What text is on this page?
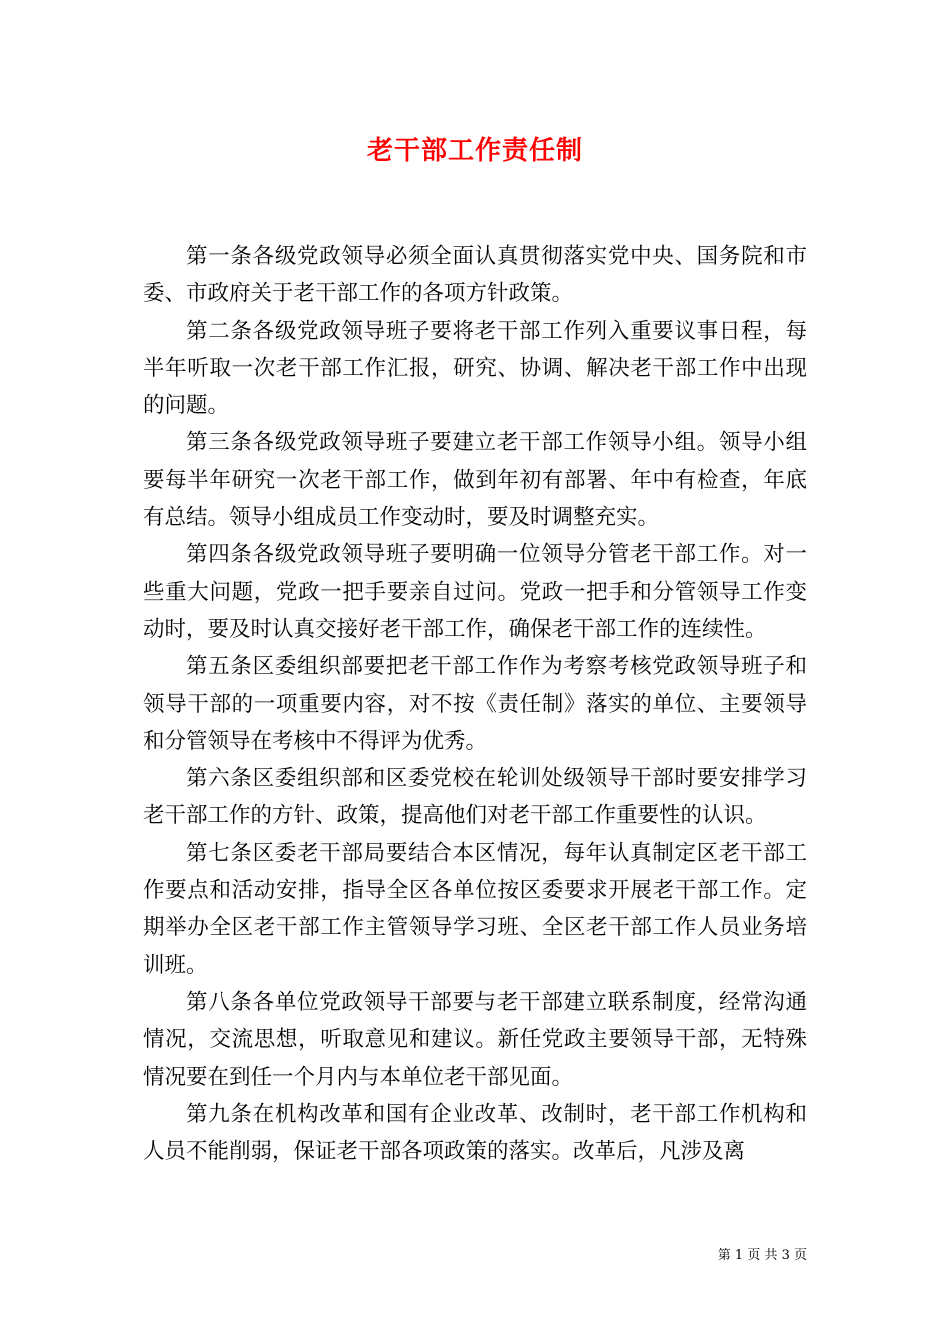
老干部工作责任制

第一条各级党政领导必须全面认真贯彻落实党中央、国务院和市委、市政府关于老干部工作的各项方针政策。

第二条各级党政领导班子要将老干部工作列入重要议事日程，每半年听取一次老干部工作汇报，研究、协调、解决老干部工作中出现的问题。

第三条各级党政领导班子要建立老干部工作领导小组。领导小组要每半年研究一次老干部工作，做到年初有部署、年中有检查，年底有总结。领导小组成员工作变动时，要及时调整充实。

第四条各级党政领导班子要明确一位领导分管老干部工作。对一些重大问题，党政一把手要亲自过问。党政一把手和分管领导工作变动时，要及时认真交接好老干部工作，确保老干部工作的连续性。

第五条区委组织部要把老干部工作作为考察考核党政领导班子和领导干部的一项重要内容，对不按《责任制》落实的单位、主要领导和分管领导在考核中不得评为优秀。

第六条区委组织部和区委党校在轮训处级领导干部时要安排学习老干部工作的方针、政策，提高他们对老干部工作重要性的认识。

第七条区委老干部局要结合本区情况，每年认真制定区老干部工作要点和活动安排，指导全区各单位按区委要求开展老干部工作。定期举办全区老干部工作主管领导学习班、全区老干部工作人员业务培训班。

第八条各单位党政领导干部要与老干部建立联系制度，经常沟通情况，交流思想，听取意见和建议。新任党政主要领导干部，无特殊情况要在到任一个月内与本单位老干部见面。

第九条在机构改革和国有企业改革、改制时，老干部工作机构和人员不能削弱，保证老干部各项政策的落实。改革后，凡涉及离

第 1 页 共 3 页
